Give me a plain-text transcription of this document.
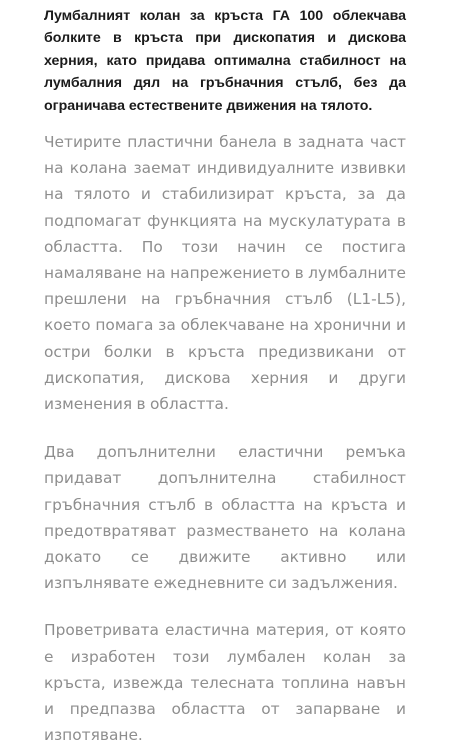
Лумбалният колан за кръста ГА 100 облекчава болките в кръста при дископатия и дискова херния, като придава оптимална стабилност на лумбалния дял на гръбначния стълб, без да ограничава естествените движения на тялото.

Четирите пластични банела в задната част на колана заемат индивидуалните извивки на тялото и стабилизират кръста, за да подпомагат функцията на мускулатурата в областта. По този начин се постига намаляване на напрежението в лумбалните прешлени на гръбначния стълб (L1-L5), което помага за облекчаване на хронични и остри болки в кръста предизвикани от дископатия, дискова херния и други изменения в областта.

Два допълнителни еластични ремъка придават допълнителна стабилност гръбначния стълб в областта на кръста и предотвратяват разместването на колана докато се движите активно или изпълнявате ежедневните си задължения.

Проветривата еластична материя, от която е изработен този лумбален колан за кръста, извежда телесната топлина навън и предпазва областта от запарване и изпотяване.
